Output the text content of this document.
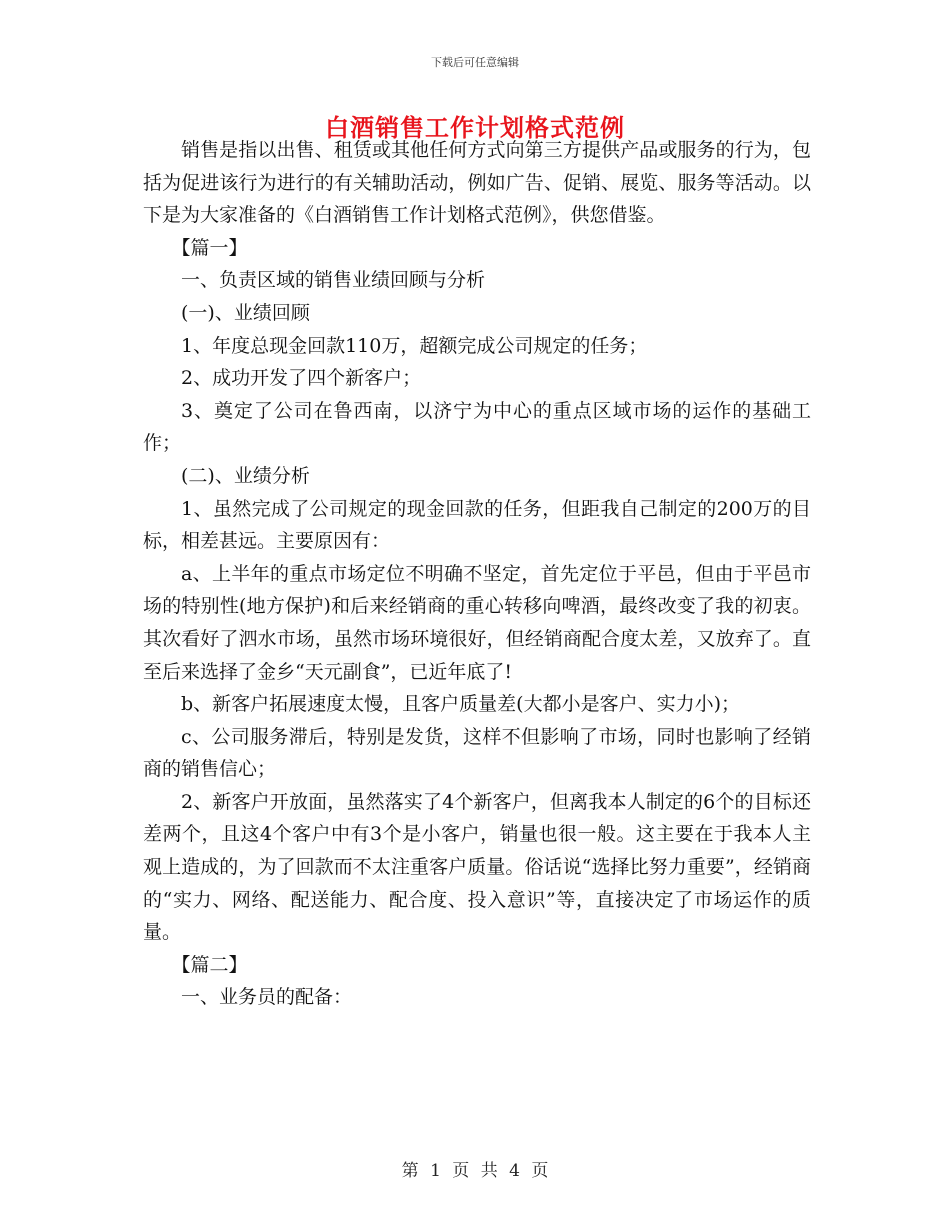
下载后可任意编辑
白酒销售工作计划格式范例

销售是指以出售、租赁或其他任何方式向第三方提供产品或服务的行为，包括为促进该行为进行的有关辅助活动，例如广告、促销、展览、服务等活动。以下是为大家准备的《白酒销售工作计划格式范例》，供您借鉴。

【篇一】

一、负责区域的销售业绩回顾与分析

(一)、业绩回顾

1、年度总现金回款110万，超额完成公司规定的任务；

2、成功开发了四个新客户；

3、奠定了公司在鲁西南，以济宁为中心的重点区域市场的运作的基础工作；

(二)、业绩分析

1、虽然完成了公司规定的现金回款的任务，但距我自己制定的200万的目标，相差甚远。主要原因有：

a、上半年的重点市场定位不明确不坚定，首先定位于平邑，但由于平邑市场的特别性(地方保护)和后来经销商的重心转移向啤酒，最终改变了我的初衷。其次看好了泗水市场，虽然市场环境很好，但经销商配合度太差，又放弃了。直至后来选择了金乡“天元副食”，已近年底了!

b、新客户拓展速度太慢，且客户质量差(大都小是客户、实力小)；

c、公司服务滞后，特别是发货，这样不但影响了市场，同时也影响了经销商的销售信心；

2、新客户开放面，虽然落实了4个新客户，但离我本人制定的6个的目标还差两个，且这4个客户中有3个是小客户，销量也很一般。这主要在于我本人主观上造成的，为了回款而不太注重客户质量。俗话说“选择比努力重要”，经销商的“实力、网络、配送能力、配合度、投入意识”等，直接决定了市场运作的质量。

【篇二】

一、业务员的配备：

第 1 页 共 4 页
